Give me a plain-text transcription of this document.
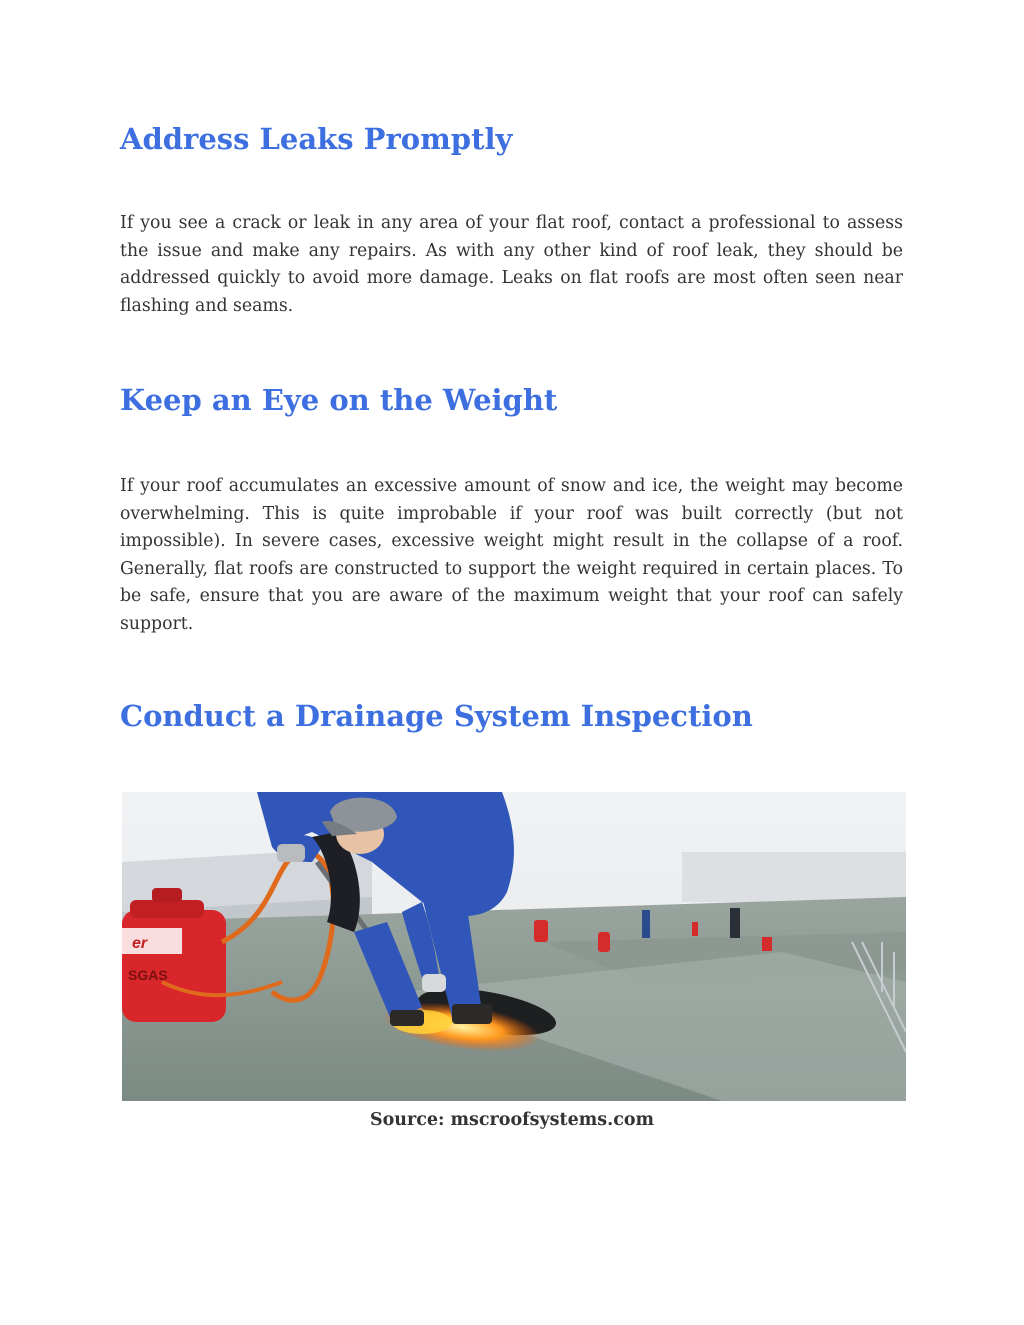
Address Leaks Promptly

If you see a crack or leak in any area of your flat roof, contact a professional to assess the issue and make any repairs. As with any other kind of roof leak, they should be addressed quickly to avoid more damage. Leaks on flat roofs are most often seen near flashing and seams.

Keep an Eye on the Weight

If your roof accumulates an excessive amount of snow and ice, the weight may become overwhelming. This is quite improbable if your roof was built correctly (but not impossible). In severe cases, excessive weight might result in the collapse of a roof. Generally, flat roofs are constructed to support the weight required in certain places. To be safe, ensure that you are aware of the maximum weight that your roof can safely support.

Conduct a Drainage System Inspection
er
SGAS

Source: mscroofsystems.com
